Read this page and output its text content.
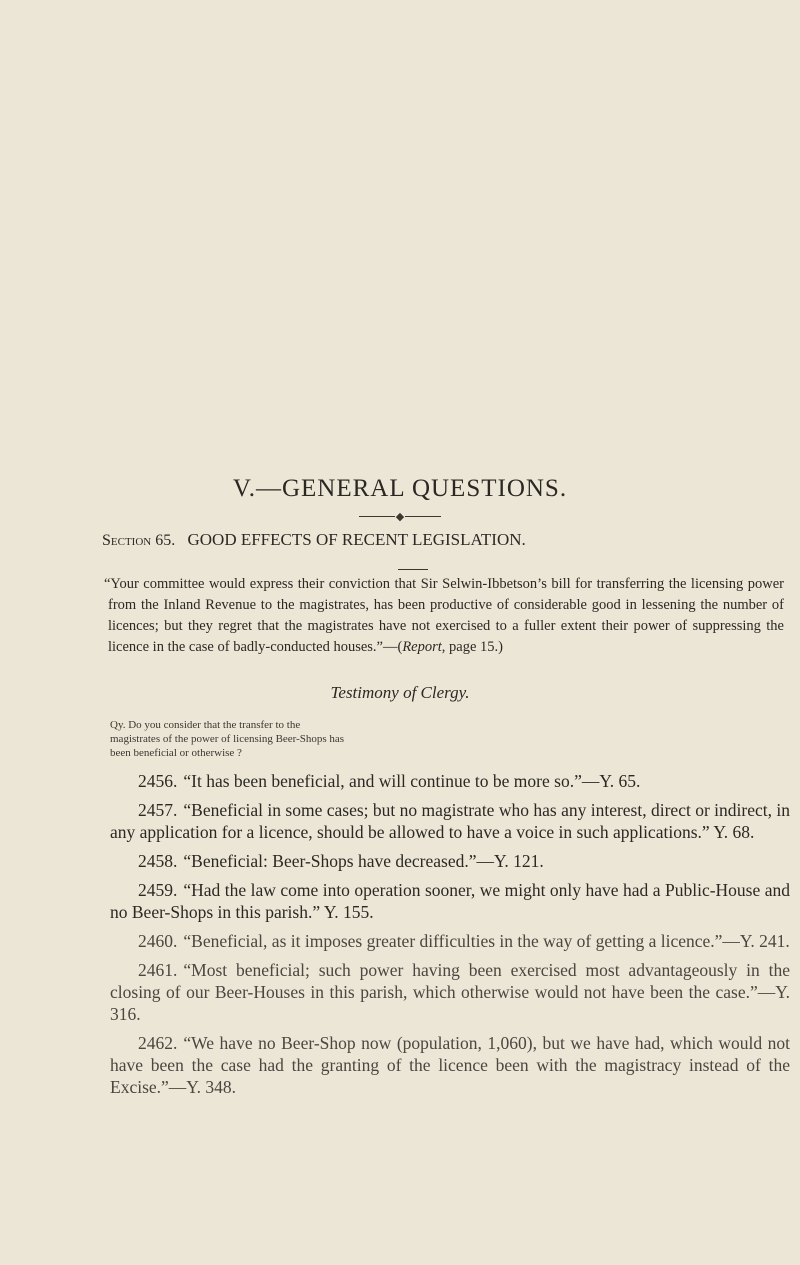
V.—GENERAL QUESTIONS.
◆
Section 65. GOOD EFFECTS OF RECENT LEGISLATION.

“Your committee would express their conviction that Sir Selwin-Ibbetson’s bill for transferring the licensing power from the Inland Revenue to the magistrates, has been productive of considerable good in lessening the number of licences; but they regret that the magistrates have not exercised to a fuller extent their power of suppressing the licence in the case of badly-conducted houses.”—(Report, page 15.)

Testimony of Clergy.

Qy. Do you consider that the transfer to the magistrates of the power of licensing Beer-Shops has been beneficial or otherwise ?

2456. “It has been beneficial, and will continue to be more so.”—Y. 65.
2457. “Beneficial in some cases; but no magistrate who has any interest, direct or indirect, in any application for a licence, should be allowed to have a voice in such applications.” Y. 68.
2458. “Beneficial: Beer-Shops have decreased.”—Y. 121.
2459. “Had the law come into operation sooner, we might only have had a Public-House and no Beer-Shops in this parish.” Y. 155.
2460. “Beneficial, as it imposes greater difficulties in the way of getting a licence.”—Y. 241.
2461. “Most beneficial; such power having been exercised most advantageously in the closing of our Beer-Houses in this parish, which otherwise would not have been the case.”—Y. 316.
2462. “We have no Beer-Shop now (population, 1,060), but we have had, which would not have been the case had the granting of the licence been with the magistracy instead of the Excise.”—Y. 348.
